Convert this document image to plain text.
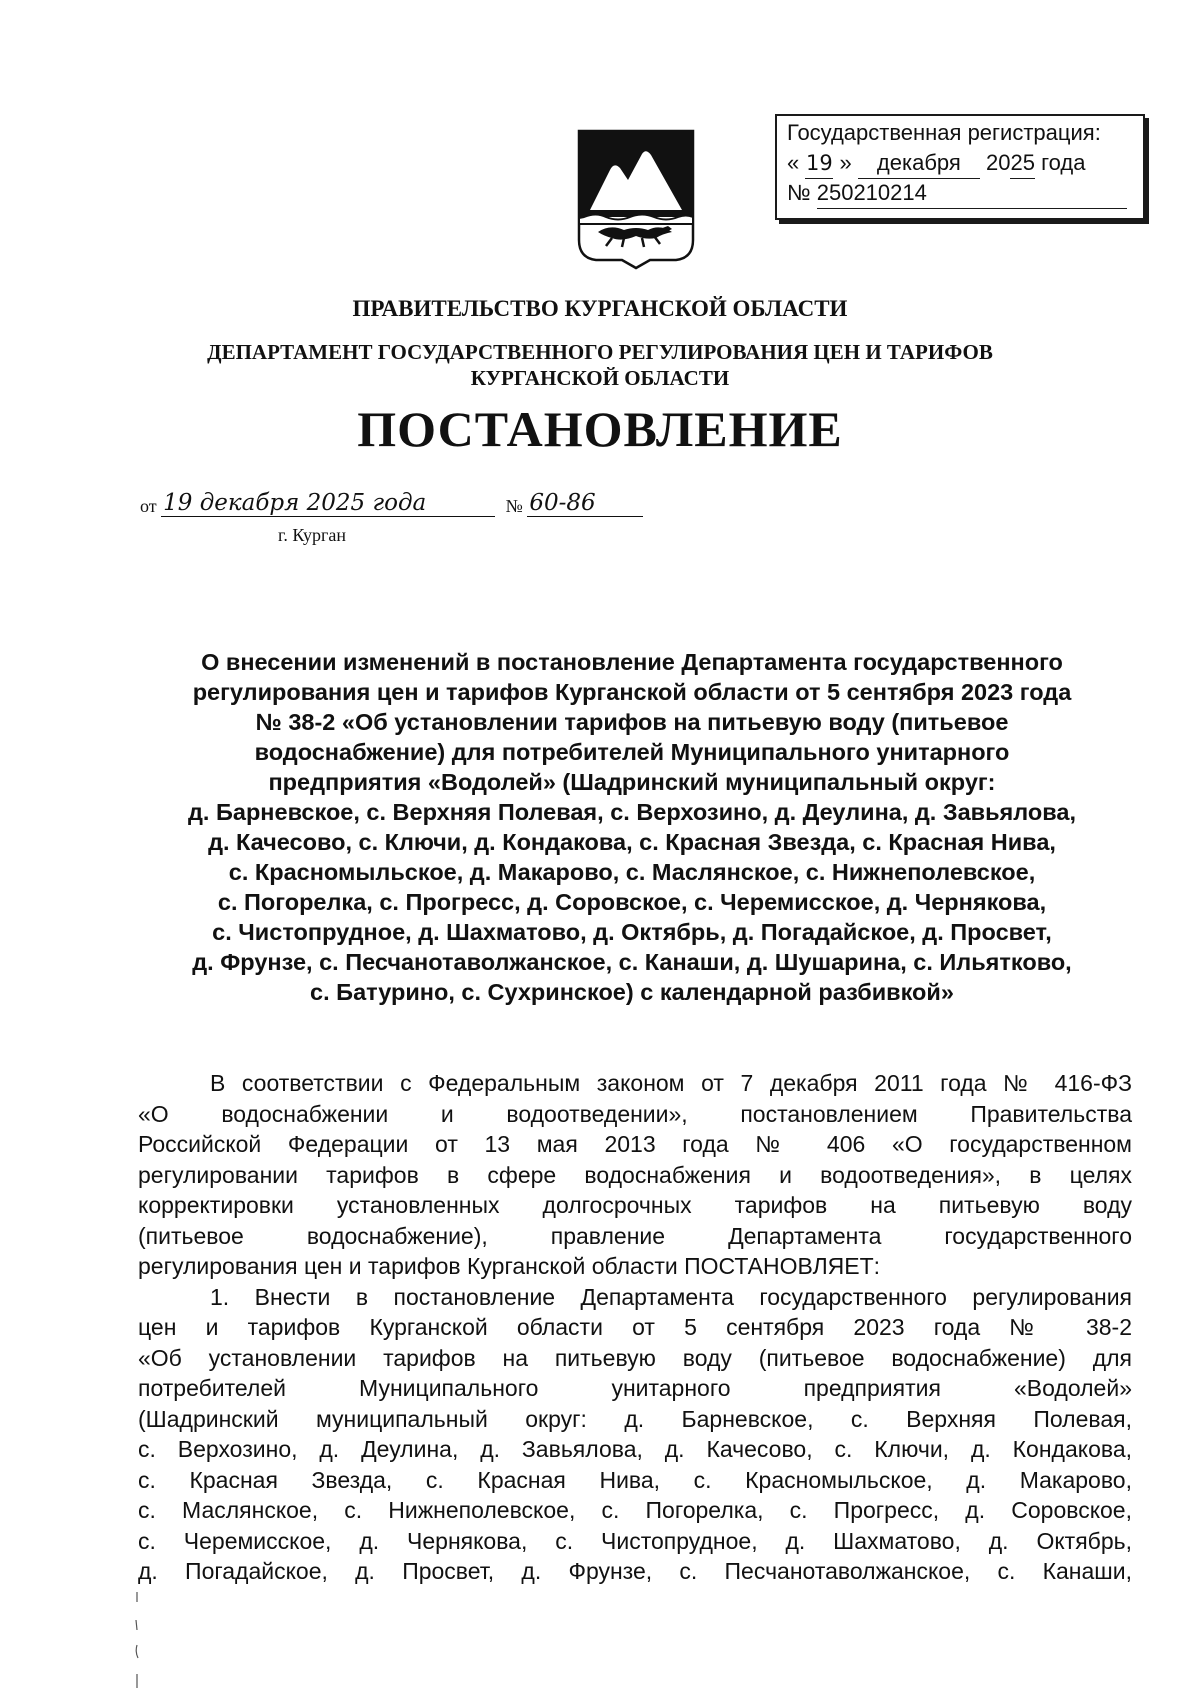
Государственная регистрация:
« 19 » декабря 2025 года
№ 250210214
ПРАВИТЕЛЬСТВО КУРГАНСКОЙ ОБЛАСТИ
ДЕПАРТАМЕНТ ГОСУДАРСТВЕННОГО РЕГУЛИРОВАНИЯ ЦЕН И ТАРИФОВ
КУРГАНСКОЙ ОБЛАСТИ
ПОСТАНОВЛЕНИЕ
от 19 декабря 2025 года	№ 60-86
г. Курган
О внесении изменений в постановление Департамента государственного
регулирования цен и тарифов Курганской области от 5 сентября 2023 года
№ 38-2 «Об установлении тарифов на питьевую воду (питьевое
водоснабжение) для потребителей Муниципального унитарного
предприятия «Водолей» (Шадринский муниципальный округ:
д. Барневское, с. Верхняя Полевая, с. Верхозино, д. Деулина, д. Завьялова,
д. Качесово, с. Ключи, д. Кондакова, с. Красная Звезда, с. Красная Нива,
с. Красномыльское, д. Макарово, с. Маслянское, с. Нижнеполевское,
с. Погорелка, с. Прогресс, д. Соровское, с. Черемисское, д. Чернякова,
с. Чистопрудное, д. Шахматово, д. Октябрь, д. Погадайское, д. Просвет,
д. Фрунзе, с. Песчанотаволжанское, с. Канаши, д. Шушарина, с. Ильятково,
с. Батурино, с. Сухринское) с календарной разбивкой»
В соответствии с Федеральным законом от 7 декабря 2011 года № 416-ФЗ
«О водоснабжении и водоотведении», постановлением Правительства
Российской Федерации от 13 мая 2013 года № 406 «О государственном
регулировании тарифов в сфере водоснабжения и водоотведения», в целях
корректировки установленных долгосрочных тарифов на питьевую воду
(питьевое водоснабжение), правление Департамента государственного
регулирования цен и тарифов Курганской области ПОСТАНОВЛЯЕТ:
1. Внести в постановление Департамента государственного регулирования
цен и тарифов Курганской области от 5 сентября 2023 года № 38-2
«Об установлении тарифов на питьевую воду (питьевое водоснабжение) для
потребителей Муниципального унитарного предприятия «Водолей»
(Шадринский муниципальный округ: д. Барневское, с. Верхняя Полевая,
с. Верхозино, д. Деулина, д. Завьялова, д. Качесово, с. Ключи, д. Кондакова,
с. Красная Звезда, с. Красная Нива, с. Красномыльское, д. Макарово,
с. Маслянское, с. Нижнеполевское, с. Погорелка, с. Прогресс, д. Соровское,
с. Черемисское, д. Чернякова, с. Чистопрудное, д. Шахматово, д. Октябрь,
д. Погадайское, д. Просвет, д. Фрунзе, с. Песчанотаволжанское, с. Канаши,
